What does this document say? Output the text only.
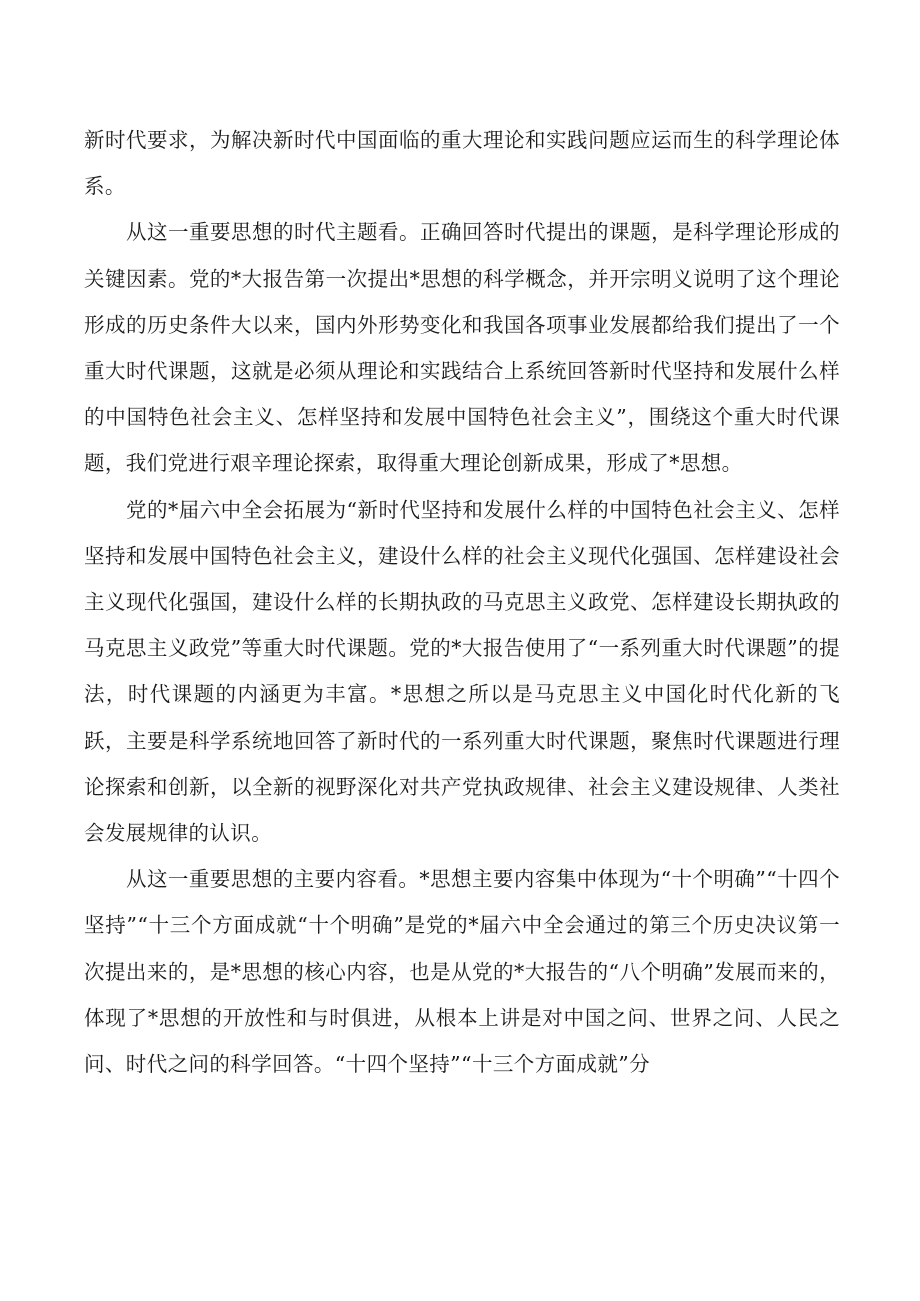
新时代要求，为解决新时代中国面临的重大理论和实践问题应运而生的科学理论体系。

从这一重要思想的时代主题看。正确回答时代提出的课题，是科学理论形成的关键因素。党的*大报告第一次提出*思想的科学概念，并开宗明义说明了这个理论形成的历史条件大以来，国内外形势变化和我国各项事业发展都给我们提出了一个重大时代课题，这就是必须从理论和实践结合上系统回答新时代坚持和发展什么样的中国特色社会主义、怎样坚持和发展中国特色社会主义”，围绕这个重大时代课题，我们党进行艰辛理论探索，取得重大理论创新成果，形成了*思想。

党的*届六中全会拓展为“新时代坚持和发展什么样的中国特色社会主义、怎样坚持和发展中国特色社会主义，建设什么样的社会主义现代化强国、怎样建设社会主义现代化强国，建设什么样的长期执政的马克思主义政党、怎样建设长期执政的马克思主义政党”等重大时代课题。党的*大报告使用了“一系列重大时代课题”的提法，时代课题的内涵更为丰富。*思想之所以是马克思主义中国化时代化新的飞跃，主要是科学系统地回答了新时代的一系列重大时代课题，聚焦时代课题进行理论探索和创新，以全新的视野深化对共产党执政规律、社会主义建设规律、人类社会发展规律的认识。

从这一重要思想的主要内容看。*思想主要内容集中体现为“十个明确”“十四个坚持”“十三个方面成就“十个明确”是党的*届六中全会通过的第三个历史决议第一次提出来的，是*思想的核心内容，也是从党的*大报告的“八个明确”发展而来的，体现了*思想的开放性和与时俱进，从根本上讲是对中国之问、世界之问、人民之问、时代之问的科学回答。“十四个坚持”“十三个方面成就”分
